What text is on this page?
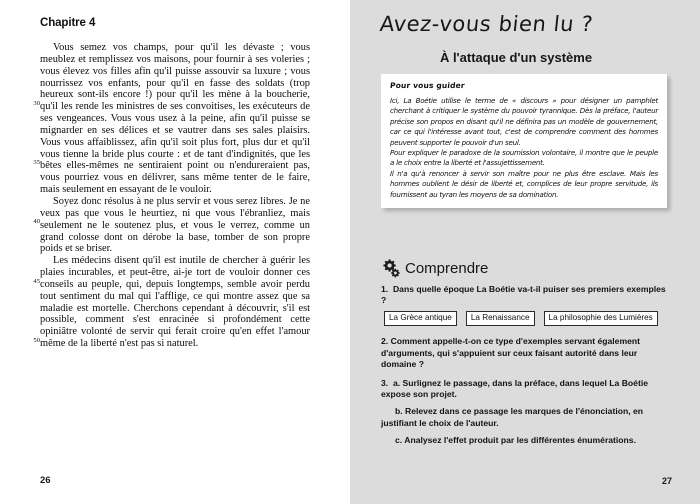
Chapitre 4
30
35
40
45
50

Vous semez vos champs, pour qu'il les dévaste ; vous meublez et remplissez vos maisons, pour fournir à ses voleries ; vous élevez vos filles afin qu'il puisse assouvir sa luxure ; vous nourrissez vos enfants, pour qu'il en fasse des soldats (trop heureux sont-ils encore !) pour qu'il les mène à la boucherie, qu'il les rende les ministres de ses convoitises, les exécuteurs de ses vengeances. Vous vous usez à la peine, afin qu'il puisse se mignarder en ses délices et se vautrer dans ses sales plaisirs. Vous vous affaiblissez, afin qu'il soit plus fort, plus dur et qu'il vous tienne la bride plus courte : et de tant d'indignités, que les bêtes elles-mêmes ne sentiraient point ou n'endureraient pas, vous pourriez vous en délivrer, sans même tenter de le faire, mais seulement en essayant de le vouloir.

Soyez donc résolus à ne plus servir et vous serez libres. Je ne veux pas que vous le heurtiez, ni que vous l'ébranliez, mais seulement ne le soutenez plus, et vous le verrez, comme un grand colosse dont on dérobe la base, tomber de son propre poids et se briser.

Les médecins disent qu'il est inutile de chercher à guérir les plaies incurables, et peut-être, ai-je tort de vouloir donner ces conseils au peuple, qui, depuis longtemps, semble avoir perdu tout sentiment du mal qui l'afflige, ce qui montre assez que sa maladie est mortelle. Cherchons cependant à découvrir, s'il est possible, comment s'est enracinée si profondément cette opiniâtre volonté de servir qui ferait croire qu'en effet l'amour même de la liberté n'est pas si naturel.

26
Avez-vous bien lu ?
À l'attaque d'un système
Pour vous guider

Ici, La Boétie utilise le terme de « discours » pour désigner un pamphlet cherchant à critiquer le système du pouvoir tyrannique. Dès la préface, l'auteur précise son propos en disant qu'il ne définira pas un modèle de gouvernement, car ce qui l'intéresse avant tout, c'est de comprendre comment des hommes peuvent supporter le pouvoir d'un seul.

Pour expliquer le paradoxe de la soumission volontaire, il montre que le peuple a le choix entre la liberté et l'assujettissement.

Il n'a qu'à renoncer à servir son maître pour ne plus être esclave. Mais les hommes oublient le désir de liberté et, complices de leur propre servitude, ils fournissent au tyran les moyens de sa domination.

Comprendre

1. Dans quelle époque La Boétie va-t-il puiser ses premiers exemples ?

La Grèce antique	La Renaissance	La philosophie des Lumières

2. Comment appelle-t-on ce type d'exemples servant également d'arguments, qui s'appuient sur ceux faisant autorité dans leur domaine ?

3. a. Surlignez le passage, dans la préface, dans lequel La Boétie expose son projet.

b. Relevez dans ce passage les marques de l'énonciation, en justifiant le choix de l'auteur.

c. Analysez l'effet produit par les différentes énumérations.

27
